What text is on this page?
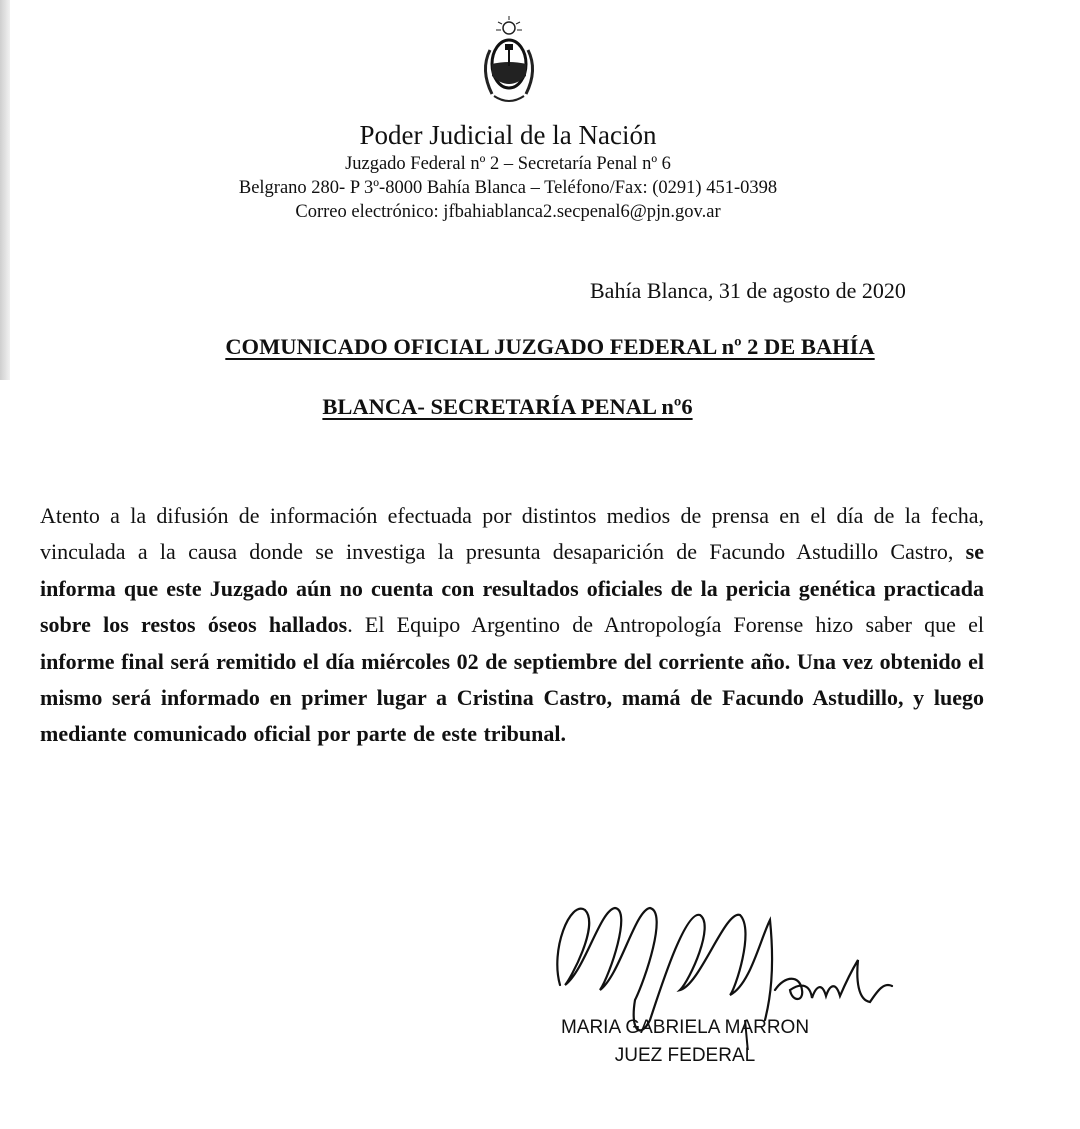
Poder Judicial de la Nación
Juzgado Federal nº 2 – Secretaría Penal nº 6
Belgrano 280- P 3º-8000 Bahía Blanca – Teléfono/Fax: (0291) 451-0398
Correo electrónico: jfbahiablanca2.secpenal6@pjn.gov.ar
Bahía Blanca, 31 de agosto de 2020
COMUNICADO OFICIAL JUZGADO FEDERAL nº 2 DE BAHÍA
BLANCA- SECRETARÍA PENAL nº6
Atento a la difusión de información efectuada por distintos medios de prensa en el día de la fecha, vinculada a la causa donde se investiga la presunta desaparición de Facundo Astudillo Castro, se informa que este Juzgado aún no cuenta con resultados oficiales de la pericia genética practicada sobre los restos óseos hallados. El Equipo Argentino de Antropología Forense hizo saber que el informe final será remitido el día miércoles 02 de septiembre del corriente año. Una vez obtenido el mismo será informado en primer lugar a Cristina Castro, mamá de Facundo Astudillo, y luego mediante comunicado oficial por parte de este tribunal.
MARIA GABRIELA MARRON
JUEZ FEDERAL
